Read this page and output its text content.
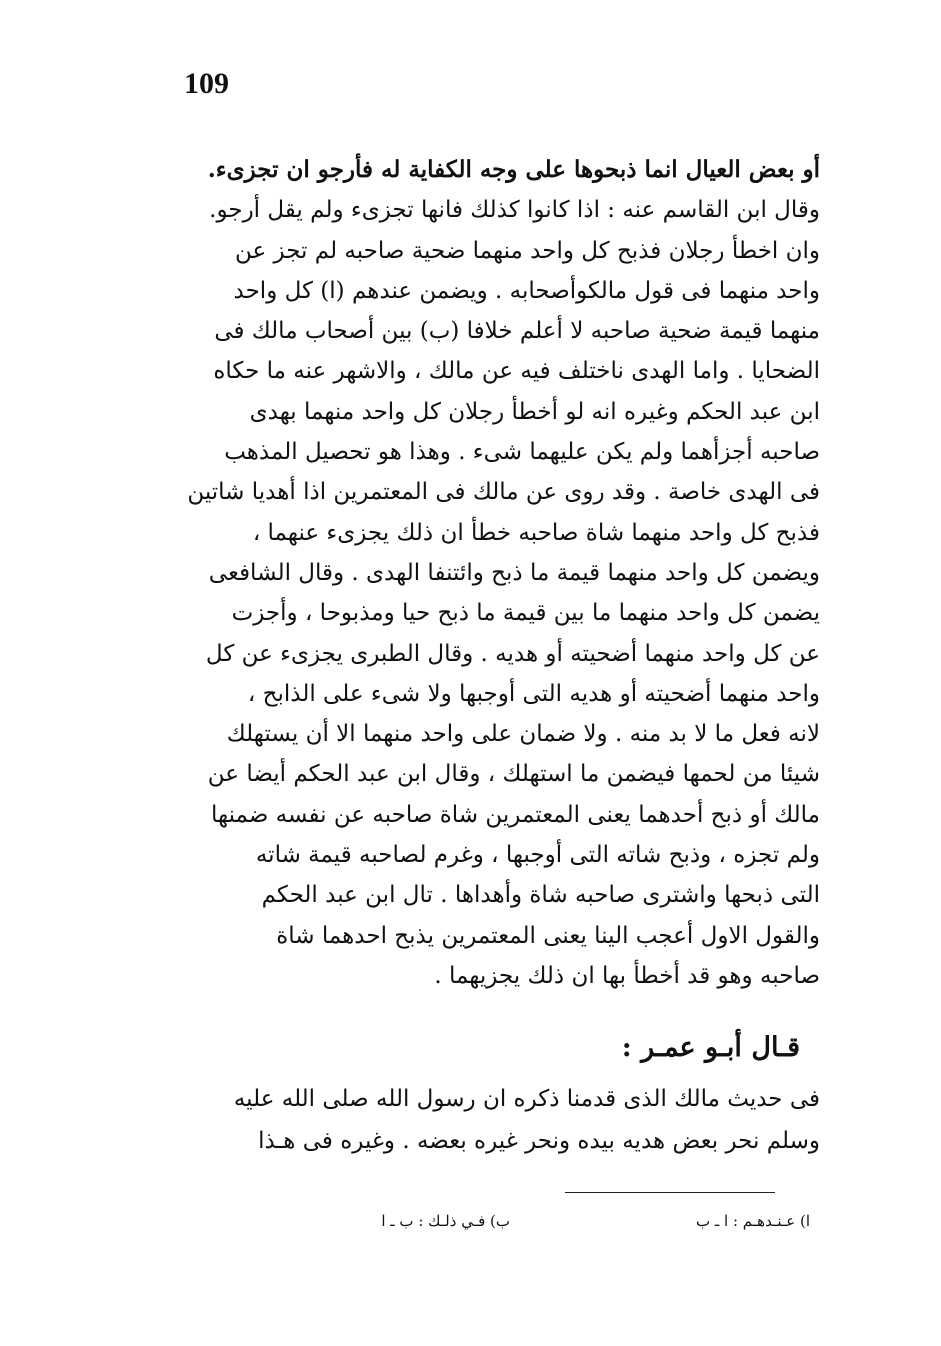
109
أو بعض العيال انما ذبحوها على وجه الكفاية له فأرجو ان تجزىء.
وقال ابن القاسم عنه : اذا كانوا كذلك فانها تجزىء ولم يقل أرجو.
وان اخطأ رجلان فذبح كل واحد منهما ضحية صاحبه لم تجز عن
واحد منهما فى قول مالكوأصحابه . ويضمن عندهم (ا) كل واحد
منهما قيمة ضحية صاحبه لا أعلم خلافا (ب) بين أصحاب مالك فى
الضحايا . واما الهدى ناختلف فيه عن مالك ، والاشهر عنه ما حكاه
ابن عبد الحكم وغيره انه لو أخطأ رجلان كل واحد منهما بهدى
صاحبه أجزأهما ولم يكن عليهما شىء . وهذا هو تحصيل المذهب
فى الهدى خاصة . وقد روى عن مالك فى المعتمرين اذا أهديا شاتين
فذبح كل واحد منهما شاة صاحبه خطأ ان ذلك يجزىء عنهما ،
ويضمن كل واحد منهما قيمة ما ذبح وائتنفا الهدى . وقال الشافعى
يضمن كل واحد منهما ما بين قيمة ما ذبح حيا ومذبوحا ، وأجزت
عن كل واحد منهما أضحيته أو هديه . وقال الطبرى يجزىء عن كل
واحد منهما أضحيته أو هديه التى أوجبها ولا شىء على الذابح ،
لانه فعل ما لا بد منه . ولا ضمان على واحد منهما الا أن يستهلك
شيئا من لحمها فيضمن ما استهلك ، وقال ابن عبد الحكم أيضا عن
مالك أو ذبح أحدهما يعنى المعتمرين شاة صاحبه عن نفسه ضمنها
ولم تجزه ، وذبح شاته التى أوجبها ، وغرم لصاحبه قيمة شاته
التى ذبحها واشترى صاحبه شاة وأهداها . تال ابن عبد الحكم
والقول الاول أعجب الينا يعنى المعتمرين يذبح احدهما شاة
صاحبه وهو قد أخطأ بها ان ذلك يجزيهما .
قـال أبـو عمـر :
فى حديث مالك الذى قدمنا ذكره ان رسول الله صلى الله عليه
وسلم نحر بعض هديه بيده ونحر غيره بعضه . وغيره فى هـذا
ا) عـنـدهـم : ا ـ ب
ب) فـي ذلـك : ب ـ ا
